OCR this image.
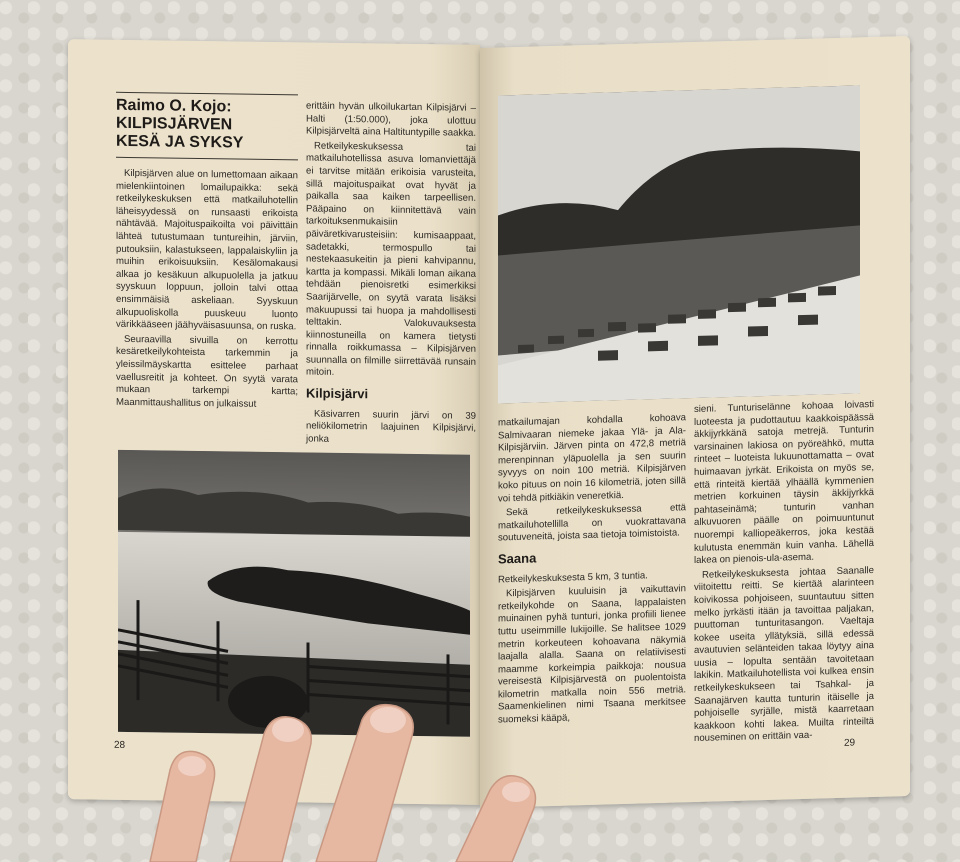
Raimo O. Kojo:
KILPISJÄRVEN
KESÄ JA SYKSY

Kilpisjärven alue on lumettomaan aikaan mielenkiintoinen lomailupaikka: sekä retkeilykeskuksen että matkailuhotellin läheisyydessä on runsaasti erikoista nähtävää. Majoituspaikoilta voi päivittäin lähteä tutustumaan tuntureihin, järviin, putouksiin, kalastukseen, lappalaiskyliin ja muihin erikoisuuksiin. Kesälomakausi alkaa jo kesäkuun alkupuolella ja jatkuu syyskuun loppuun, jolloin talvi ottaa ensimmäisiä askeliaan. Syyskuun alkupuoliskolla puuskeuu luonto värikkääseen jäähyväisasuunsa, on ruska.

Seuraavilla sivuilla on kerrottu kesäretkeilykohteista tarkemmin ja yleissilmäyskartta esittelee parhaat vaellusreitit ja kohteet. On syytä varata mukaan tarkempi kartta; Maanmittaushallitus on julkaissut

erittäin hyvän ulkoilukartan Kilpisjärvi – Halti (1:50.000), joka ulottuu Kilpisjärveltä aina Haltituntурille saakka.

Retkeilykeskuksessa tai matkailuhotellissa asuva lomanviettäjä ei tarvitse mitään erikoisia varusteita, sillä majoituspaikat ovat hyvät ja paikalla saa kaiken tarpeellisen. Pääpaino on kiinnitettävä vain tarkoituksenmukaisiin päiväretkivarusteisiin: kumisaappaat, sadetakki, termospullo tai nestekaasukeitin ja pieni kahvipannu, kartta ja kompassi. Mikäli loman aikana tehdään pienoisretki esimerkiksi Saarijärvelle, on syytä varata lisäksi makuupussi tai huopa ja mahdollisesti telttakin. Valokuvauksesta kiinnostuneilla on kamera tietysti rinnalla roikkumassa – Kilpisjärven suunnalla on filmille siirrettävää runsain mitoin.

Kilpisjärvi

Käsivarren suurin järvi on 39 neliökilometrin laajuinen Kilpisjärvi, jonka

28

matkailumajan kohdalla kohoava Salmivaaran niemeke jakaa Ylä- ja Ala-Kilpisjärviin. Järven pinta on 472,8 metriä merenpinnan yläpuolella ja sen suurin syvyys on noin 100 metriä. Kilpisjärven koko pituus on noin 16 kilometriä, joten sillä voi tehdä pitkiäkin veneretkiä.

Sekä retkeilykeskuksessa että matkailuhotellilla on vuokrattavana soutuveneitä, joista saa tietoja toimistoista.

Saana

Retkeilykeskuksesta 5 km, 3 tuntia.

Kilpisjärven kuuluisin ja vaikuttavin retkeilykohde on Saana, lappalaisten muinainen pyhä tunturi, jonka profiili lienee tuttu useimmille lukijoille. Se halitsee 1029 metrin korkeuteen kohoavana näkymiä laajalla alalla. Saana on relatiivisesti maamme korkeimpia paikkoja: nousua vereisestä Kilpisjärvestä on puolentoista kilometrin matkalla noin 556 metriä. Saamenkielinen nimi Tsaana merkitsee suomeksi kääpä,

sieni. Tunturiselänne kohoaa loivasti luoteesta ja pudottautuu kaakkoispäässä äkkijyrkkänä satoja metrejä. Tunturin varsinainen lakiosa on pyöreähkö, mutta rinteet – luoteista lukuunottamatta – ovat huimaavan jyrkät. Erikoista on myös se, että rinteitä kiertää ylhäällä kymmenien metrien korkuinen täysin äkkijyrkkä pahtaseinämä; tunturin vanhan alkuvuoren päälle on poimuuntunut nuorempi kalliopeäkerros, joka kestää kulutusta enemmän kuin vanha. Lähellä lakea on pienois-ula-asema.

Retkeilykeskuksesta johtaa Saanalle viitoitettu reitti. Se kiertää alarinteen koivikossa pohjoiseen, suuntautuu sitten melko jyrkästi itään ja tavoittaa paljakan, puuttoman tunturitasangon. Vaeltaja kokee useita yllätyksiä, sillä edessä avautuvien selänteiden takaa löytyy aina uusia – lopulta sentään tavoitetaan lakikin. Matkailuhotellista voi kulkea ensin retkeilykeskukseen tai Tsahkal- ja Saanajärven kautta tunturin itäiselle ja pohjoiselle syrjälle, mistä kaarretaan kaakkoon kohti lakea. Muilta rinteiltä nouseminen on erittäin vaa-	29
